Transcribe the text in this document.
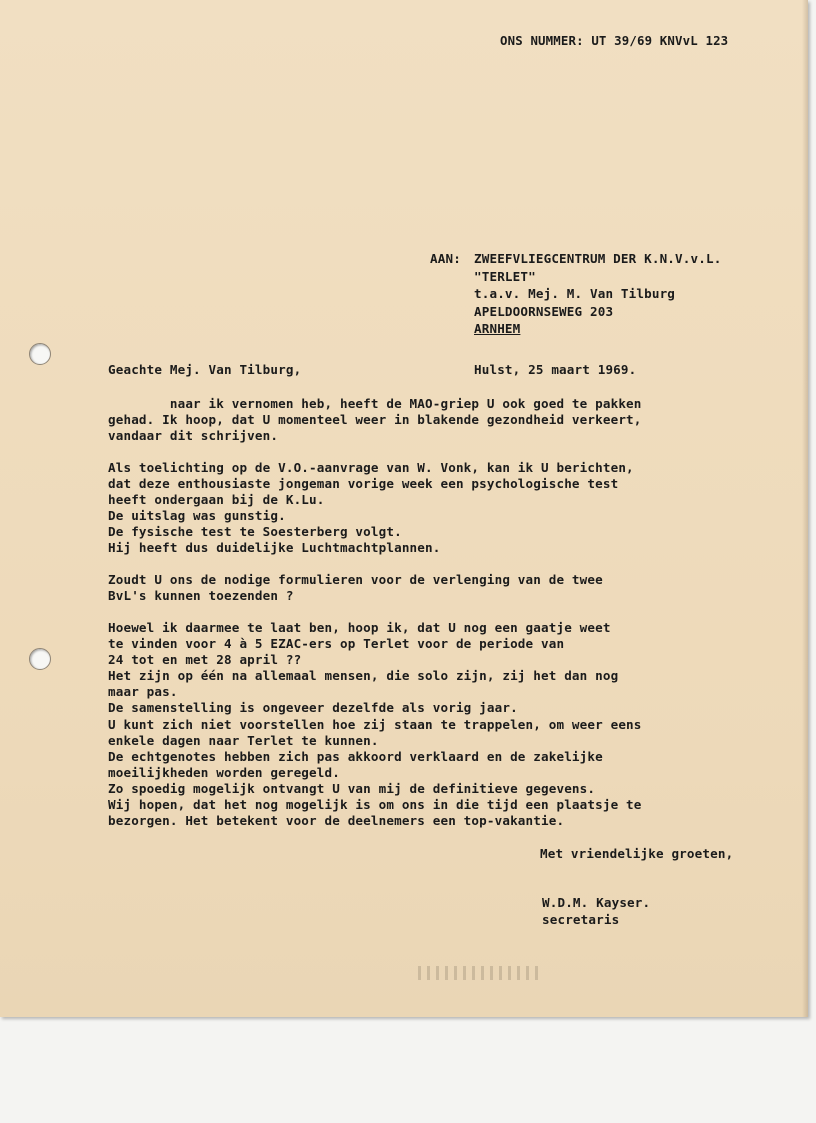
ONS NUMMER: UT 39/69 KNVvL 123
AAN: ZWEEFVLIEGCENTRUM DER K.N.V.v.L.
"TERLET"
t.a.v. Mej. M. Van Tilburg
APELDOORNSEWEG 203
ARNHEM
Geachte Mej. Van Tilburg,	Hulst, 25 maart 1969.
naar ik vernomen heb, heeft de MAO-griep U ook goed te pakken
gehad. Ik hoop, dat U momenteel weer in blakende gezondheid verkeert,
vandaar dit schrijven.
Als toelichting op de V.O.-aanvrage van W. Vonk, kan ik U berichten,
dat deze enthousiaste jongeman vorige week een psychologische test
heeft ondergaan bij de K.Lu.
De uitslag was gunstig.
De fysische test te Soesterberg volgt.
Hij heeft dus duidelijke Luchtmachtplannen.
Zoudt U ons de nodige formulieren voor de verlenging van de twee
BvL's kunnen toezenden ?
Hoewel ik daarmee te laat ben, hoop ik, dat U nog een gaatje weet
te vinden voor 4 à 5 EZAC-ers op Terlet voor de periode van
24 tot en met 28 april ??
Het zijn op één na allemaal mensen, die solo zijn, zij het dan nog
maar pas.
De samenstelling is ongeveer dezelfde als vorig jaar.
U kunt zich niet voorstellen hoe zij staan te trappelen, om weer eens
enkele dagen naar Terlet te kunnen.
De echtgenotes hebben zich pas akkoord verklaard en de zakelijke
moeilijkheden worden geregeld.
Zo spoedig mogelijk ontvangt U van mij de definitieve gegevens.
Wij hopen, dat het nog mogelijk is om ons in die tijd een plaatsje te
bezorgen. Het betekent voor de deelnemers een top-vakantie.
Met vriendelijke groeten,
W.D.M. Kayser.
secretaris
